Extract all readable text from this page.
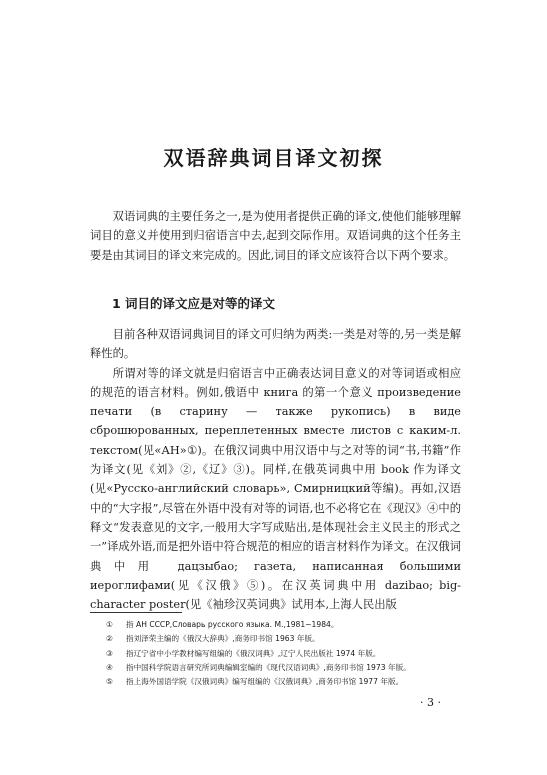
双语辞典词目译文初探

双语词典的主要任务之一,是为使用者提供正确的译文,使他们能够理解词目的意义并使用到归宿语言中去,起到交际作用。双语词典的这个任务主要是由其词目的译文来完成的。因此,词目的译文应该符合以下两个要求。

1 词目的译文应是对等的译文

目前各种双语词典词目的译文可归纳为两类:一类是对等的,另一类是解释性的。

所谓对等的译文就是归宿语言中正确表达词目意义的对等词语或相应的规范的语言材料。例如,俄语中 книга 的第一个意义 произведение печати (в старину — также рукопись) в виде сброшюрованных, переплетенных вместе листов с каким-л. текстом(见«АН»①)。在俄汉词典中用汉语中与之对等的词“书,书籍”作为译文(见《刘》②,《辽》③)。同样,在俄英词典中用 book 作为译文(见«Русско-английский словарь», Смирницкий等编)。再如,汉语中的“大字报”,尽管在外语中没有对等的词语,也不必将它在《现汉》④中的释文“发表意见的文字,一般用大字写成贴出,是体现社会主义民主的形式之一”译成外语,而是把外语中符合规范的相应的语言材料作为译文。在汉俄词典中用 дацзыбао; газета, написанная большими иероглифами(见《汉俄》⑤)。在汉英词典中用 dazibao; big-character poster(见《袖珍汉英词典》试用本,上海人民出版

①	指 АН СССР,Словарь русского языка. М.,1981~1984。
②	指刘泽荣主编的《俄汉大辞典》,商务印书馆 1963 年版。
③	指辽宁省中小学教材编写组编的《俄汉词典》,辽宁人民出版社 1974 年版。
④	指中国科学院语言研究所词典编辑室编的《现代汉语词典》,商务印书馆 1973 年版。
⑤	指上海外国语学院《汉俄词典》编写组编的《汉俄词典》,商务印书馆 1977 年版。
· 3 ·
